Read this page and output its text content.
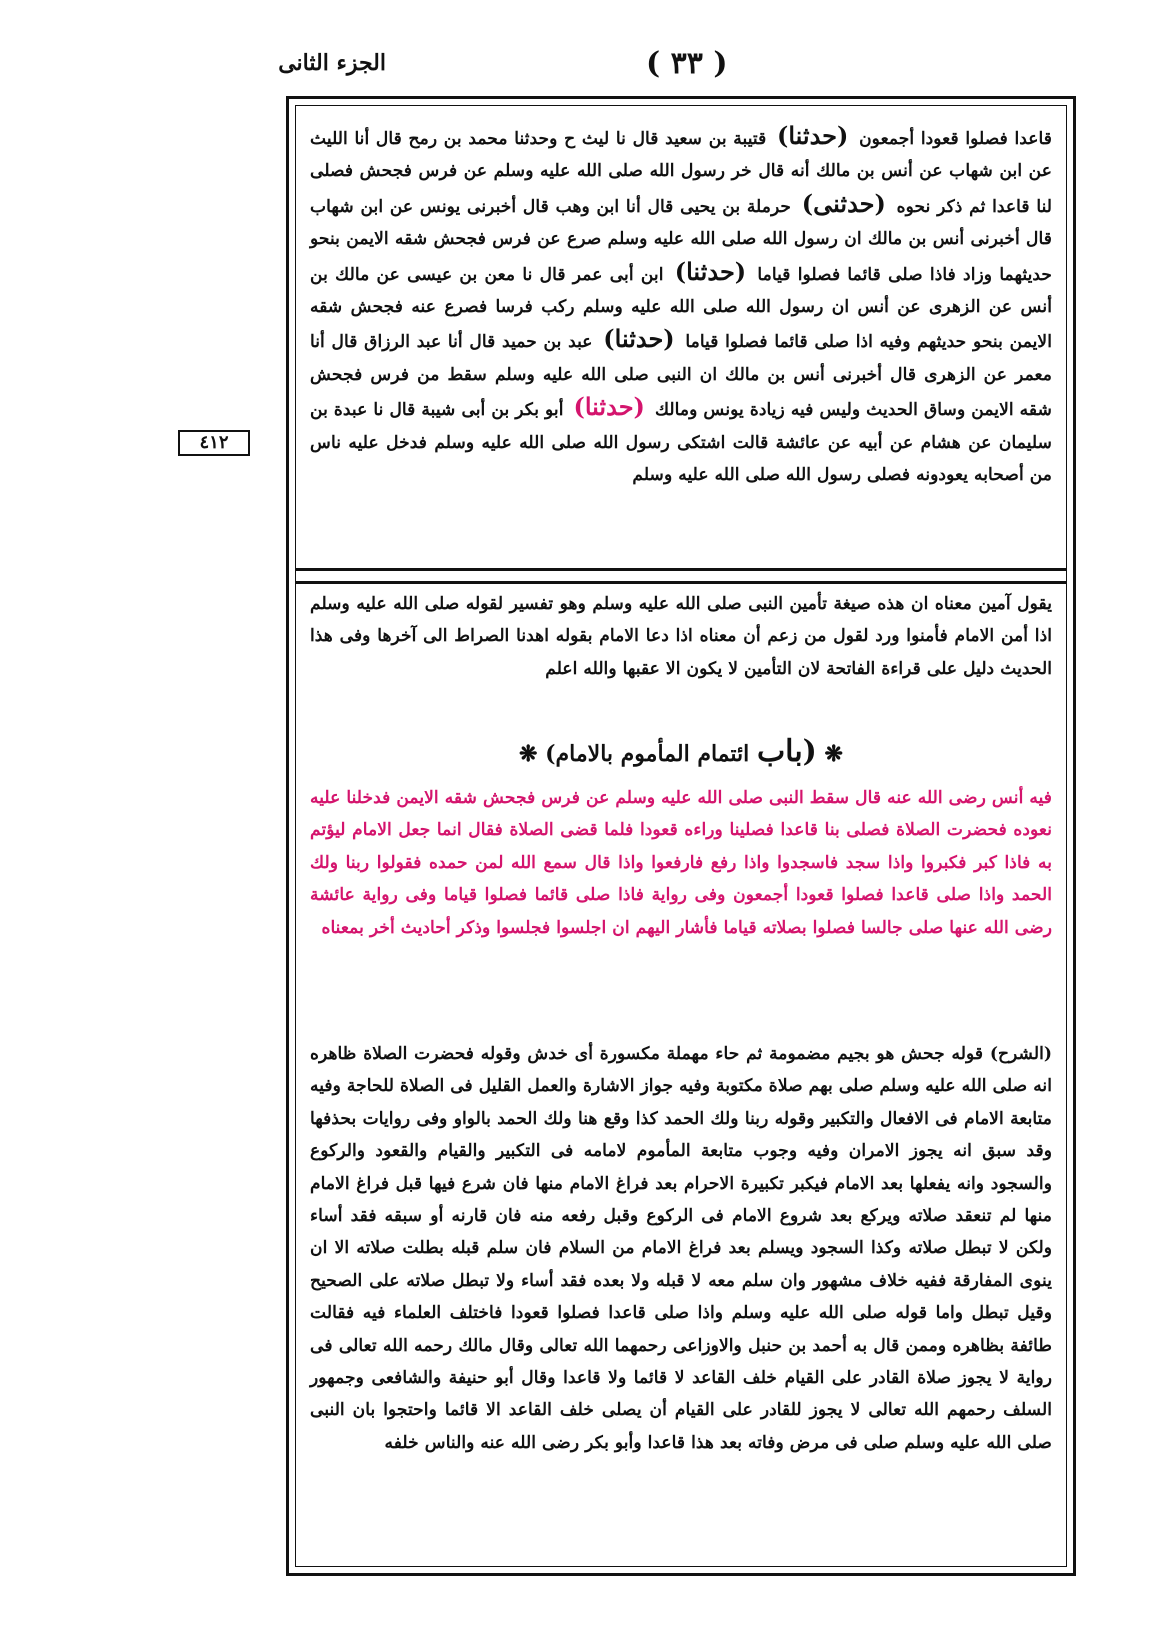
( ٣٣ )
الجزء الثانى
٤١٢
قاعدا فصلوا قعودا أجمعون (حدثنا) قتيبة بن سعيد قال نا ليث ح وحدثنا محمد بن رمح قال أنا الليث عن ابن شهاب عن أنس بن مالك أنه قال خر رسول الله صلى الله عليه وسلم عن فرس فجحش فصلى لنا قاعدا ثم ذكر نحوه (حدثنى) حرملة بن يحيى قال أنا ابن وهب قال أخبرنى يونس عن ابن شهاب قال أخبرنى أنس بن مالك ان رسول الله صلى الله عليه وسلم صرع عن فرس فجحش شقه الايمن بنحو حديثهما وزاد فاذا صلى قائما فصلوا قياما (حدثنا) ابن أبى عمر قال نا معن بن عيسى عن مالك بن أنس عن الزهرى عن أنس ان رسول الله صلى الله عليه وسلم ركب فرسا فصرع عنه فجحش شقه الايمن بنحو حديثهم وفيه اذا صلى قائما فصلوا قياما (حدثنا) عبد بن حميد قال أنا عبد الرزاق قال أنا معمر عن الزهرى قال أخبرنى أنس بن مالك ان النبى صلى الله عليه وسلم سقط من فرس فجحش شقه الايمن وساق الحديث وليس فيه زيادة يونس ومالك (حدثنا) أبو بكر بن أبى شيبة قال نا عبدة بن سليمان عن هشام عن أبيه عن عائشة قالت اشتكى رسول الله صلى الله عليه وسلم فدخل عليه ناس من أصحابه يعودونه فصلى رسول الله صلى الله عليه وسلم
يقول آمين معناه ان هذه صيغة تأمين النبى صلى الله عليه وسلم وهو تفسير لقوله صلى الله عليه وسلم اذا أمن الامام فأمنوا ورد لقول من زعم أن معناه اذا دعا الامام بقوله اهدنا الصراط الى آخرها وفى هذا الحديث دليل على قراءة الفاتحة لان التأمين لا يكون الا عقبها والله اعلم
❋ (باب ائتمام المأموم بالامام) ❋
فيه أنس رضى الله عنه قال سقط النبى صلى الله عليه وسلم عن فرس فجحش شقه الايمن فدخلنا عليه نعوده فحضرت الصلاة فصلى بنا قاعدا فصلينا وراءه قعودا فلما قضى الصلاة فقال انما جعل الامام ليؤتم به فاذا كبر فكبروا واذا سجد فاسجدوا واذا رفع فارفعوا واذا قال سمع الله لمن حمده فقولوا ربنا ولك الحمد واذا صلى قاعدا فصلوا قعودا أجمعون وفى رواية فاذا صلى قائما فصلوا قياما وفى رواية عائشة رضى الله عنها صلى جالسا فصلوا بصلاته قياما فأشار اليهم ان اجلسوا فجلسوا وذكر أحاديث أخر بمعناه
(الشرح) قوله جحش هو بجيم مضمومة ثم حاء مهملة مكسورة أى خدش وقوله فحضرت الصلاة ظاهره انه صلى الله عليه وسلم صلى بهم صلاة مكتوبة وفيه جواز الاشارة والعمل القليل فى الصلاة للحاجة وفيه متابعة الامام فى الافعال والتكبير وقوله ربنا ولك الحمد كذا وقع هنا ولك الحمد بالواو وفى روايات بحذفها وقد سبق انه يجوز الامران وفيه وجوب متابعة المأموم لامامه فى التكبير والقيام والقعود والركوع والسجود وانه يفعلها بعد الامام فيكبر تكبيرة الاحرام بعد فراغ الامام منها فان شرع فيها قبل فراغ الامام منها لم تنعقد صلاته ويركع بعد شروع الامام فى الركوع وقبل رفعه منه فان قارنه أو سبقه فقد أساء ولكن لا تبطل صلاته وكذا السجود ويسلم بعد فراغ الامام من السلام فان سلم قبله بطلت صلاته الا ان ينوى المفارقة ففيه خلاف مشهور وان سلم معه لا قبله ولا بعده فقد أساء ولا تبطل صلاته على الصحيح وقيل تبطل واما قوله صلى الله عليه وسلم واذا صلى قاعدا فصلوا قعودا فاختلف العلماء فيه فقالت طائفة بظاهره وممن قال به أحمد بن حنبل والاوزاعى رحمهما الله تعالى وقال مالك رحمه الله تعالى فى رواية لا يجوز صلاة القادر على القيام خلف القاعد لا قائما ولا قاعدا وقال أبو حنيفة والشافعى وجمهور السلف رحمهم الله تعالى لا يجوز للقادر على القيام أن يصلى خلف القاعد الا قائما واحتجوا بان النبى صلى الله عليه وسلم صلى فى مرض وفاته بعد هذا قاعدا وأبو بكر رضى الله عنه والناس خلفه
